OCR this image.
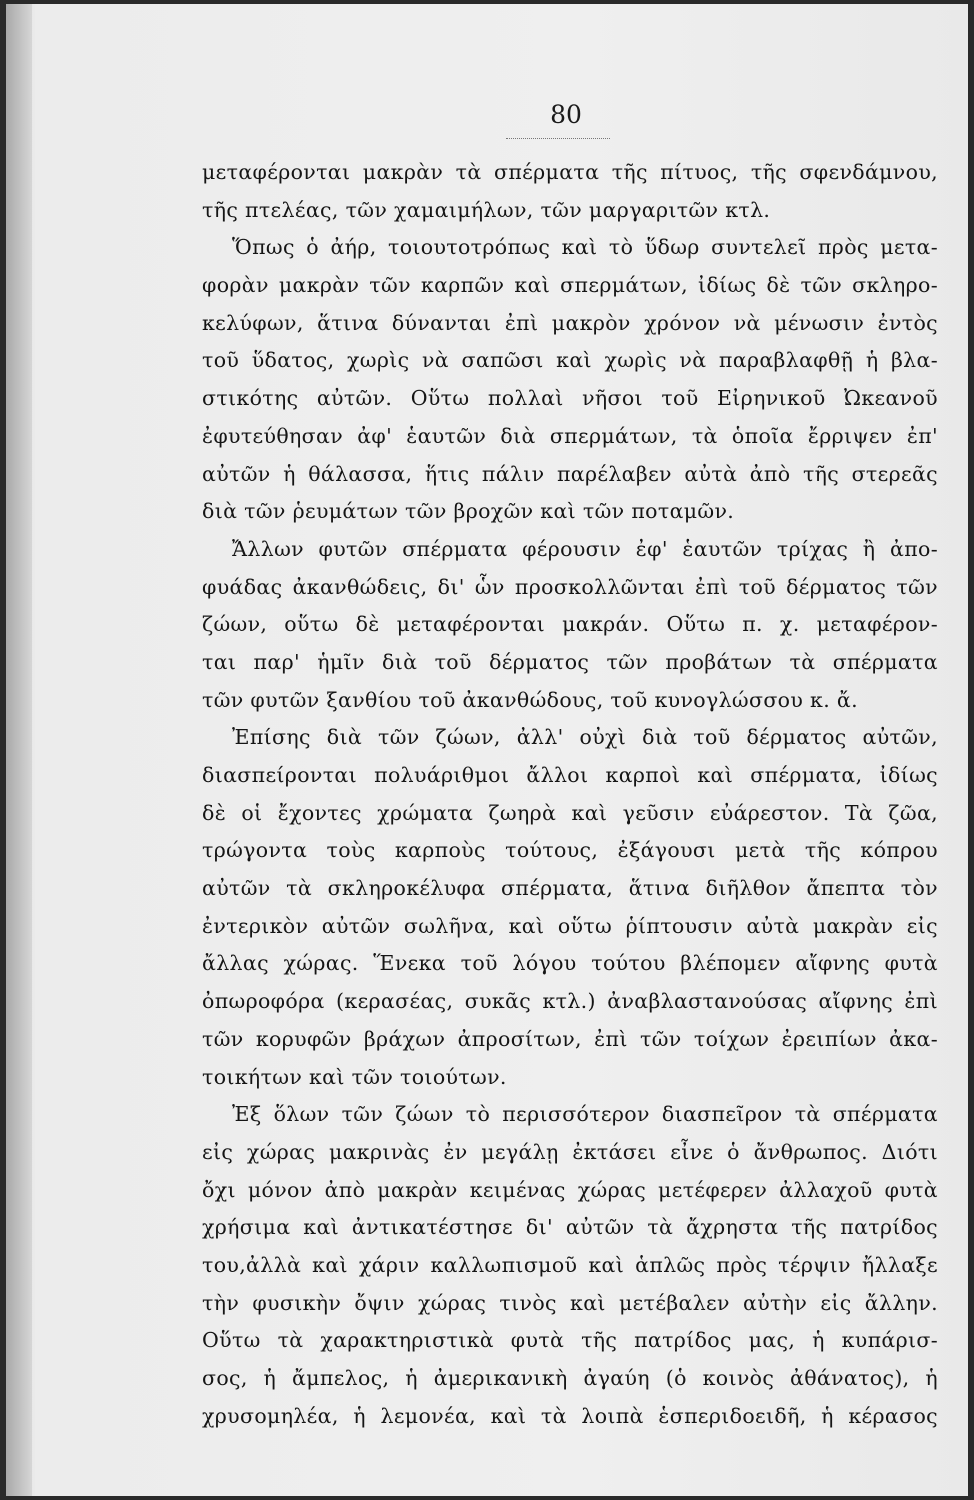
80
μεταφέρονται μακρὰν τὰ σπέρματα τῆς πίτυος, τῆς σφενδάμνου,
τῆς πτελέας, τῶν χαμαιμήλων, τῶν μαργαριτῶν κτλ.
Ὅπως ὁ ἀήρ, τοιουτοτρόπως καὶ τὸ ὕδωρ συντελεῖ πρὸς μετα-
φορὰν μακρὰν τῶν καρπῶν καὶ σπερμάτων, ἰδίως δὲ τῶν σκληρο-
κελύφων, ἅτινα δύνανται ἐπὶ μακρὸν χρόνον νὰ μένωσιν ἐντὸς
τοῦ ὕδατος, χωρὶς νὰ σαπῶσι καὶ χωρὶς νὰ παραβλαφθῇ ἡ βλα-
στικότης αὐτῶν. Οὕτω πολλαὶ νῆσοι τοῦ Εἰρηνικοῦ Ὠκεανοῦ
ἐφυτεύθησαν ἀφ' ἑαυτῶν διὰ σπερμάτων, τὰ ὁποῖα ἔρριψεν ἐπ'
αὐτῶν ἡ θάλασσα, ἥτις πάλιν παρέλαβεν αὐτὰ ἀπὸ τῆς στερεᾶς
διὰ τῶν ῥευμάτων τῶν βροχῶν καὶ τῶν ποταμῶν.
Ἄλλων φυτῶν σπέρματα φέρουσιν ἐφ' ἑαυτῶν τρίχας ἢ ἀπο-
φυάδας ἀκανθώδεις, δι' ὧν προσκολλῶνται ἐπὶ τοῦ δέρματος τῶν
ζώων, οὕτω δὲ μεταφέρονται μακράν. Οὕτω π. χ. μεταφέρον-
ται παρ' ἡμῖν διὰ τοῦ δέρματος τῶν προβάτων τὰ σπέρματα
τῶν φυτῶν ξανθίου τοῦ ἀκανθώδους, τοῦ κυνογλώσσου κ. ἄ.
Ἐπίσης διὰ τῶν ζώων, ἀλλ' οὐχὶ διὰ τοῦ δέρματος αὐτῶν,
διασπείρονται πολυάριθμοι ἄλλοι καρποὶ καὶ σπέρματα, ἰδίως
δὲ οἱ ἔχοντες χρώματα ζωηρὰ καὶ γεῦσιν εὐάρεστον. Τὰ ζῶα,
τρώγοντα τοὺς καρποὺς τούτους, ἐξάγουσι μετὰ τῆς κόπρου
αὐτῶν τὰ σκληροκέλυφα σπέρματα, ἅτινα διῆλθον ἄπεπτα τὸν
ἐντερικὸν αὐτῶν σωλῆνα, καὶ οὕτω ῥίπτουσιν αὐτὰ μακρὰν εἰς
ἄλλας χώρας. Ἕνεκα τοῦ λόγου τούτου βλέπομεν αἴφνης φυτὰ
ὀπωροφόρα (κερασέας, συκᾶς κτλ.) ἀναβλαστανούσας αἴφνης ἐπὶ
τῶν κορυφῶν βράχων ἀπροσίτων, ἐπὶ τῶν τοίχων ἐρειπίων ἀκα-
τοικήτων καὶ τῶν τοιούτων.
Ἐξ ὅλων τῶν ζώων τὸ περισσότερον διασπεῖρον τὰ σπέρματα
εἰς χώρας μακρινὰς ἐν μεγάλῃ ἐκτάσει εἶνε ὁ ἄνθρωπος. Διότι
ὄχι μόνον ἀπὸ μακρὰν κειμένας χώρας μετέφερεν ἀλλαχοῦ φυτὰ
χρήσιμα καὶ ἀντικατέστησε δι' αὐτῶν τὰ ἄχρηστα τῆς πατρίδος
του,ἀλλὰ καὶ χάριν καλλωπισμοῦ καὶ ἁπλῶς πρὸς τέρψιν ἤλλαξε
τὴν φυσικὴν ὄψιν χώρας τινὸς καὶ μετέβαλεν αὐτὴν εἰς ἄλλην.
Οὕτω τὰ χαρακτηριστικὰ φυτὰ τῆς πατρίδος μας, ἡ κυπάρισ-
σος, ἡ ἄμπελος, ἡ ἀμερικανικὴ ἀγαύη (ὁ κοινὸς ἀθάνατος), ἡ
χρυσομηλέα, ἡ λεμονέα, καὶ τὰ λοιπὰ ἑσπεριδοειδῆ, ἡ κέρασος
